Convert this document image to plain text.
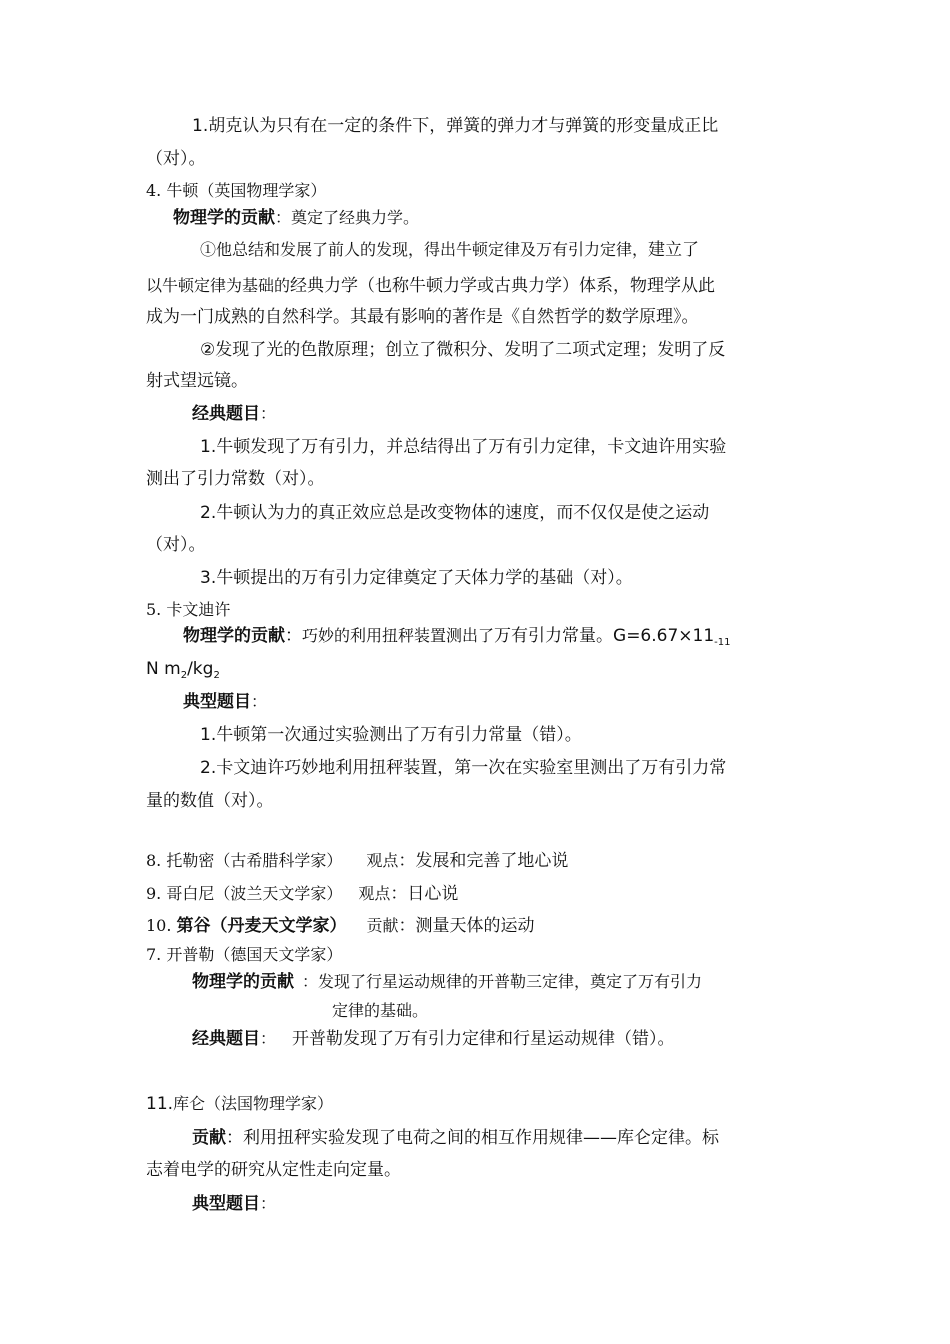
1.胡克认为只有在一定的条件下，弹簧的弹力才与弹簧的形变量成正比
（对）。
4. 牛顿（英国物理学家）
物理学的贡献：奠定了经典力学。
①他总结和发展了前人的发现，得出牛顿定律及万有引力定律，建立了
以牛顿定律为基础的经典力学（也称牛顿力学或古典力学）体系，物理学从此
成为一门成熟的自然科学。其最有影响的著作是《自然哲学的数学原理》。
②发现了光的色散原理；创立了微积分、发明了二项式定理；发明了反
射式望远镜。
经典题目：
1.牛顿发现了万有引力，并总结得出了万有引力定律，卡文迪许用实验
测出了引力常数（对）。
2.牛顿认为力的真正效应总是改变物体的速度，而不仅仅是使之运动
（对）。
3.牛顿提出的万有引力定律奠定了天体力学的基础（对）。
5. 卡文迪许
物理学的贡献：巧妙的利用扭秤装置测出了万有引力常量。$G=6.67\times 11_{-11}$
N $m_2/kg_2$
典型题目：
1.牛顿第一次通过实验测出了万有引力常量（错）。
2.卡文迪许巧妙地利用扭秤装置，第一次在实验室里测出了万有引力常
量的数值（对）。
8. 托勒密（古希腊科学家） 观点：发展和完善了地心说
9. 哥白尼（波兰天文学家） 观点：日心说
10. 第谷（丹麦天文学家） 贡献：测量天体的运动
7. 开普勒（德国天文学家）
物理学的贡献 ：发现了行星运动规律的开普勒三定律，奠定了万有引力
定律的基础。
经典题目： 开普勒发现了万有引力定律和行星运动规律（错）。
11.库仑（法国物理学家）
贡献：利用扭秤实验发现了电荷之间的相互作用规律——库仑定律。标
志着电学的研究从定性走向定量。
典型题目：
